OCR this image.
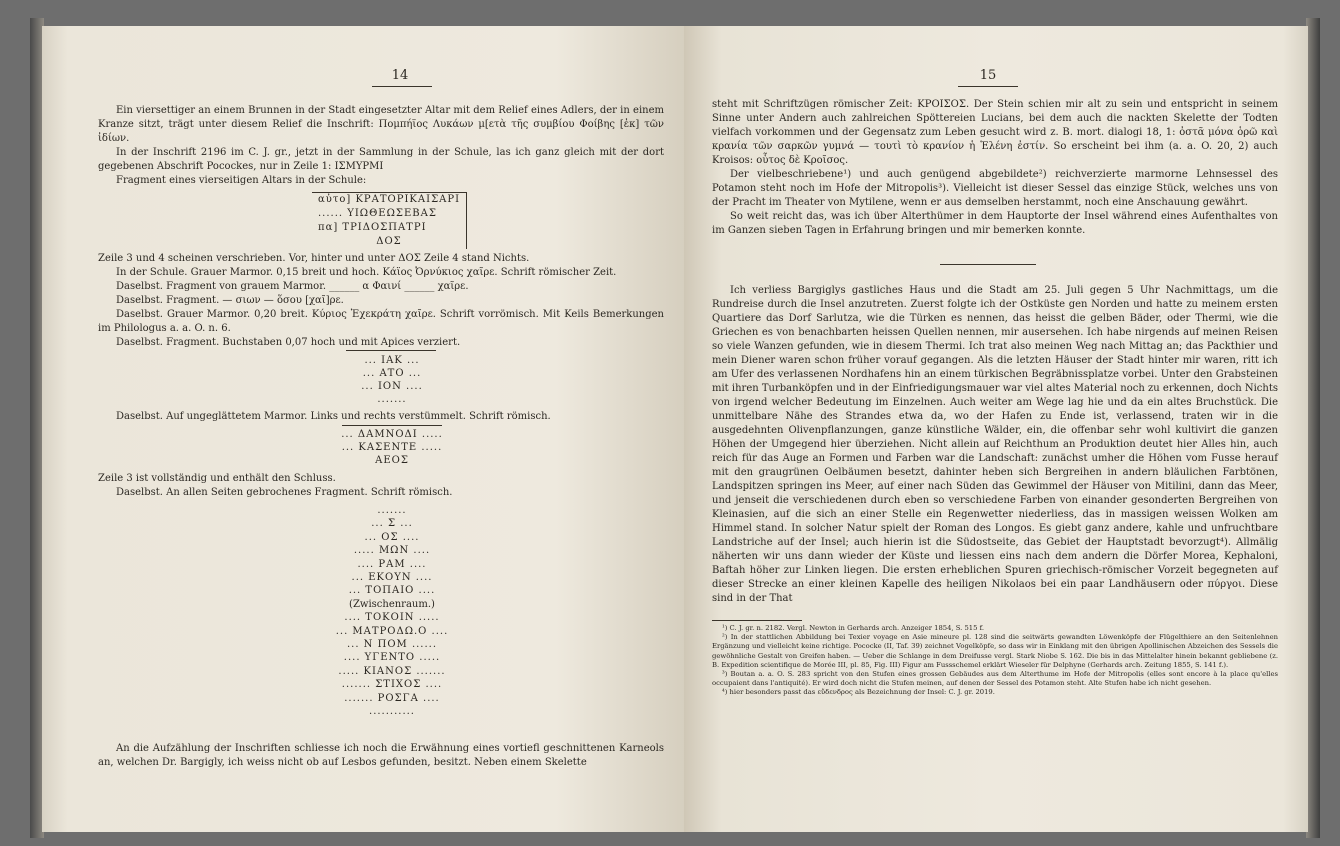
14

Ein viersettiger an einem Brunnen in der Stadt eingesetzter Altar mit dem Relief eines Adlers, der in einem Kranze sitzt, trägt unter diesem Relief die Inschrift: Πομπήϊος Λυκάων μ[ετὰ τῆς συμβίου Φοίβης [ἐκ] τῶν ἰδίων.

In der Inschrift 2196 im C. J. gr., jetzt in der Sammlung in der Schule, las ich ganz gleich mit der dort gegebenen Abschrift Pocockes, nur in Zeile 1: ΙΣΜΥΡΜΙ

Fragment eines vierseitigen Altars in der Schule:

αὐτο] ΚΡΑΤΟΡΙΚΑΙΣΑΡΙ
...... ΥΙΩΘΕΩΣΕΒΑΣ
πα] ΤΡΙΔΟΣΠΑΤΡΙ
ΔΟΣ

Zeile 3 und 4 scheinen verschrieben. Vor, hinter und unter ΔΟΣ Zeile 4 stand Nichts.

In der Schule. Grauer Marmor. 0,15 breit und hoch. Κάϊος Ὀρνύκιος χαῖρε. Schrift römischer Zeit.

Daselbst. Fragment von grauem Marmor. ______ α Φαινί ______ χαῖρε.

Daselbst. Fragment. — σιων — ὅσου [χαῖ]ρε.

Daselbst. Grauer Marmor. 0,20 breit. Κύριος Ἐχεκράτη χαῖρε. Schrift vorrömisch. Mit Keils Bemerkungen im Philologus a. a. O. n. 6.

Daselbst. Fragment. Buchstaben 0,07 hoch und mit Apices verziert.

... ΙΑΚ ...
... ΑΤΟ ...
... ΙΟΝ ....
.......

Daselbst. Auf ungeglättetem Marmor. Links und rechts verstümmelt. Schrift römisch.

... ΔΑΜΝΟΔΙ .....
... ΚΑΣΕΝΤΕ .....
ΑΕΟΣ

Zeile 3 ist vollständig und enthält den Schluss.

Daselbst. An allen Seiten gebrochenes Fragment. Schrift römisch.

.......
... Σ ...
... ΟΣ ....
..... ΜΩΝ ....
.... ΡΑΜ ....
... ΕΚΟΥΝ ....
... ΤΟΠΑΙΟ ....
(Zwischenraum.)
.... ΤΟΚΟΙΝ .....
... ΜΑΤΡΟΔΩ.Ο ....
... Ν ΠΟΜ ......
.... ΥΓΕΝΤΟ .....
..... ΚΙΑΝΟΣ .......
....... ΣΤΙΧΟΣ ....
....... ΡΟΣΓΑ ....
...........

An die Aufzählung der Inschriften schliesse ich noch die Erwähnung eines vortiefl geschnittenen Karneols an, welchen Dr. Bargigly, ich weiss nicht ob auf Lesbos gefunden, besitzt. Neben einem Skelette

15

steht mit Schriftzügen römischer Zeit: ΚΡΟΙΣΟΣ. Der Stein schien mir alt zu sein und entspricht in seinem Sinne unter Andern auch zahlreichen Spöttereien Lucians, bei dem auch die nackten Skelette der Todten vielfach vorkommen und der Gegensatz zum Leben gesucht wird z. B. mort. dialogi 18, 1: ὀστᾶ μόνα ὁρῶ καὶ κρανία τῶν σαρκῶν γυμνά — τουτὶ τὸ κρανίον ἡ Ἑλένη ἐστίν. So erscheint bei ihm (a. a. O. 20, 2) auch Kroisos: οὗτος δὲ Κροῖσος.

Der vielbeschriebene¹) und auch genügend abgebildete²) reichverzierte marmorne Lehnsessel des Potamon steht noch im Hofe der Mitropolis³). Vielleicht ist dieser Sessel das einzige Stück, welches uns von der Pracht im Theater von Mytilene, wenn er aus demselben herstammt, noch eine Anschauung gewährt.

So weit reicht das, was ich über Alterthümer in dem Hauptorte der Insel während eines Aufenthaltes von im Ganzen sieben Tagen in Erfahrung bringen und mir bemerken konnte.

Ich verliess Bargiglys gastliches Haus und die Stadt am 25. Juli gegen 5 Uhr Nachmittags, um die Rundreise durch die Insel anzutreten. Zuerst folgte ich der Ostküste gen Norden und hatte zu meinem ersten Quartiere das Dorf Sarlutza, wie die Türken es nennen, das heisst die gelben Bäder, oder Thermi, wie die Griechen es von benachbarten heissen Quellen nennen, mir ausersehen. Ich habe nirgends auf meinen Reisen so viele Wanzen gefunden, wie in diesem Thermi. Ich trat also meinen Weg nach Mittag an; das Packthier und mein Diener waren schon früher vorauf gegangen. Als die letzten Häuser der Stadt hinter mir waren, ritt ich am Ufer des verlassenen Nordhafens hin an einem türkischen Begräbnissplatze vorbei. Unter den Grabsteinen mit ihren Turbanköpfen und in der Einfriedigungsmauer war viel altes Material noch zu erkennen, doch Nichts von irgend welcher Bedeutung im Einzelnen. Auch weiter am Wege lag hie und da ein altes Bruchstück. Die unmittelbare Nähe des Strandes etwa da, wo der Hafen zu Ende ist, verlassend, traten wir in die ausgedehnten Olivenpflanzungen, ganze künstliche Wälder, ein, die offenbar sehr wohl kultivirt die ganzen Höhen der Umgegend hier überziehen. Nicht allein auf Reichthum an Produktion deutet hier Alles hin, auch reich für das Auge an Formen und Farben war die Landschaft: zunächst umher die Höhen vom Fusse herauf mit den graugrünen Oelbäumen besetzt, dahinter heben sich Bergreihen in andern bläulichen Farbtönen, Landspitzen springen ins Meer, auf einer nach Süden das Gewimmel der Häuser von Mitilini, dann das Meer, und jenseit die verschiedenen durch eben so verschiedene Farben von einander gesonderten Bergreihen von Kleinasien, auf die sich an einer Stelle ein Regenwetter niederliess, das in massigen weissen Wolken am Himmel stand. In solcher Natur spielt der Roman des Longos. Es giebt ganz andere, kahle und unfruchtbare Landstriche auf der Insel; auch hierin ist die Südostseite, das Gebiet der Hauptstadt bevorzugt⁴). Allmälig näherten wir uns dann wieder der Küste und liessen eins nach dem andern die Dörfer Morea, Kephaloni, Baftah höher zur Linken liegen. Die ersten erheblichen Spuren griechisch-römischer Vorzeit begegneten auf dieser Strecke an einer kleinen Kapelle des heiligen Nikolaos bei ein paar Landhäusern oder πύργοι. Diese sind in der That

¹) C. J. gr. n. 2182. Vergl. Newton in Gerhards arch. Anzeiger 1854, S. 515 f.

²) In der stattlichen Abbildung bei Texier voyage en Asie mineure pl. 128 sind die seitwärts gewandten Löwenköpfe der Flügelthiere an den Seitenlehnen Ergänzung und vielleicht keine richtige. Pococke (II, Taf. 39) zeichnet Vogelköpfe, so dass wir in Einklang mit den übrigen Apollinischen Abzeichen des Sessels die gewöhnliche Gestalt von Greifen haben. — Ueber die Schlange in dem Dreifusse vergl. Stark Niobe S. 162. Die bis in das Mittelalter hinein bekannt gebliebene (z. B. Expedition scientifique de Morée III, pl. 85, Fig. III) Figur am Fussschemel erklärt Wieseler für Delphyne (Gerhards arch. Zeitung 1855, S. 141 f.).

³) Boutan a. a. O. S. 283 spricht von den Stufen eines grossen Gebäudes aus dem Alterthume im Hofe der Mitropolis (elles sont encore à la place qu'elles occupaient dans l'antiquité). Er wird doch nicht die Stufen meinen, auf denen der Sessel des Potamon steht. Alte Stufen habe ich nicht gesehen.

⁴) hier besonders passt das εὔδενδρος als Bezeichnung der Insel: C. J. gr. 2019.
